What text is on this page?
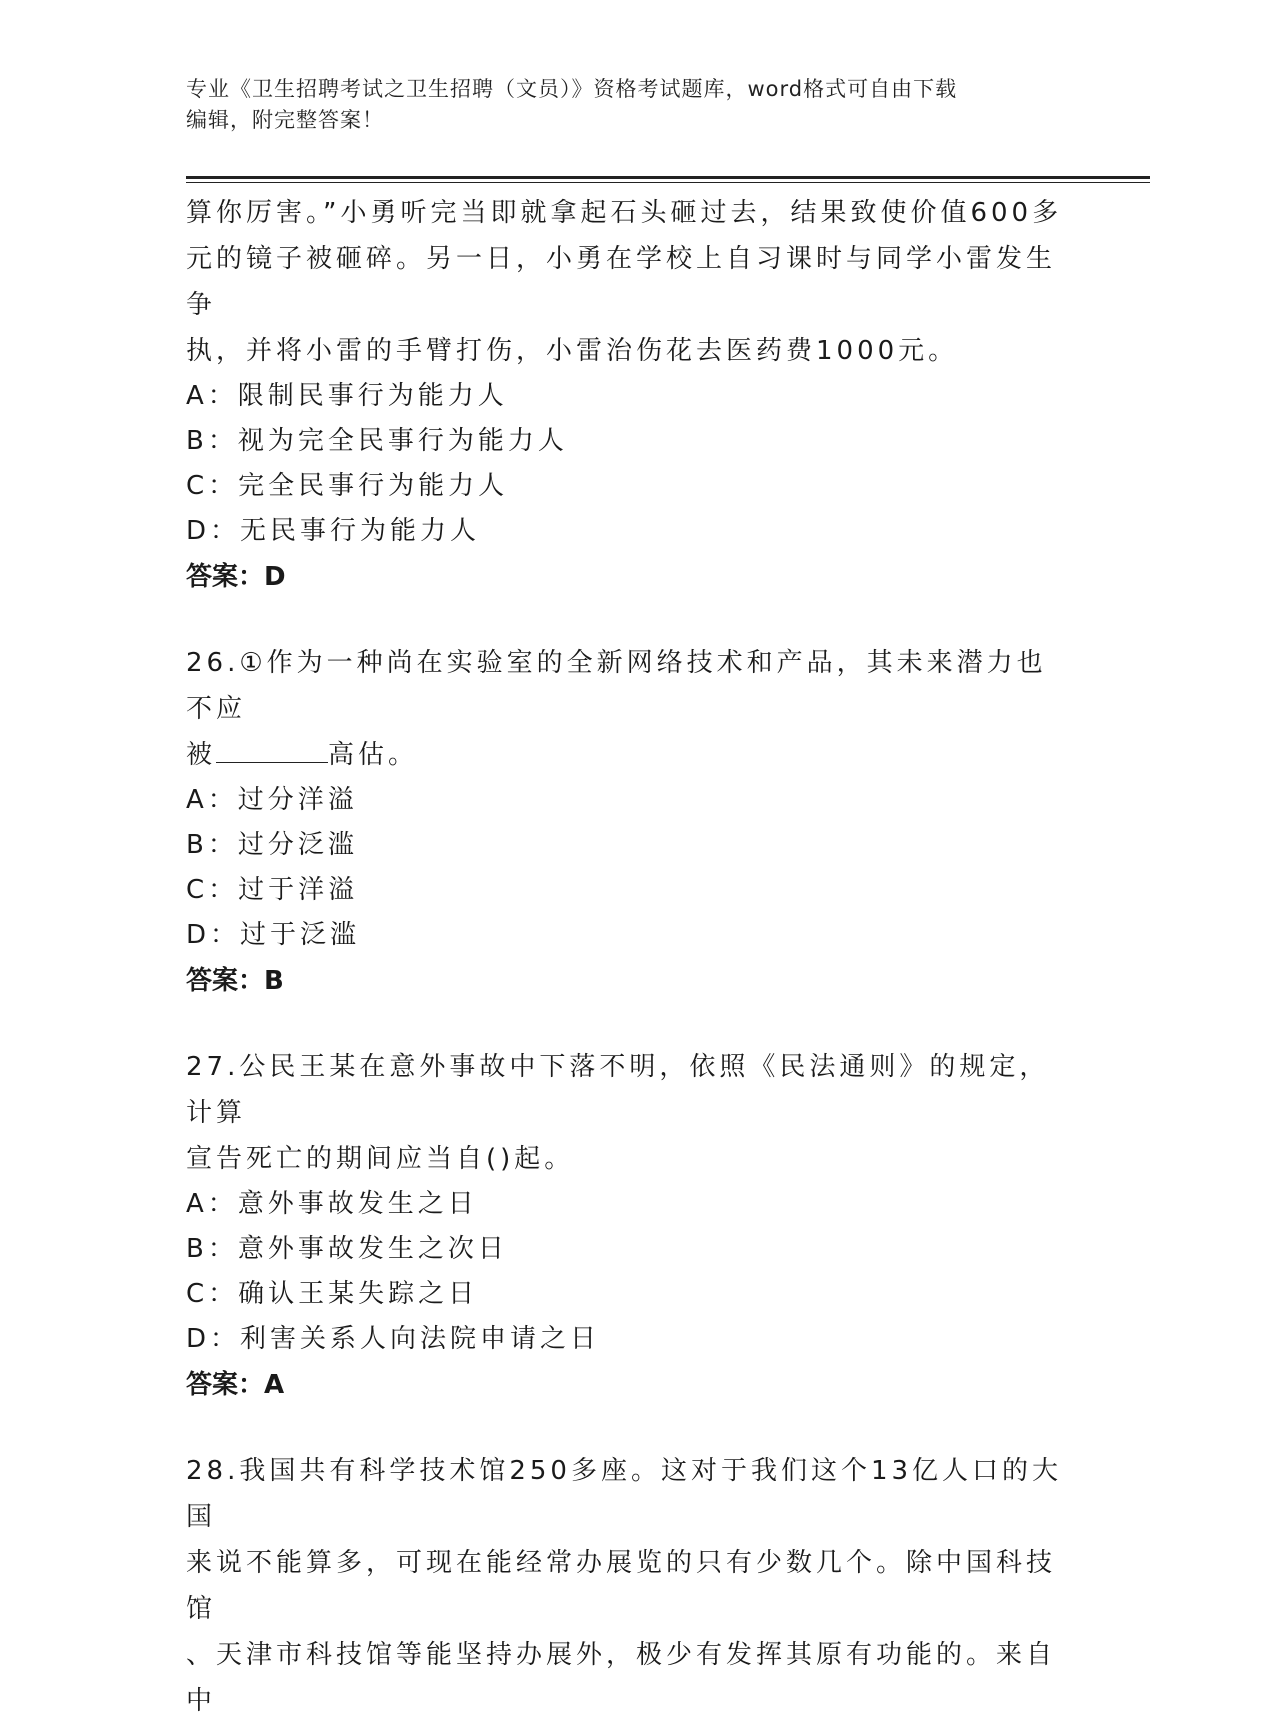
专业《卫生招聘考试之卫生招聘（文员）》资格考试题库，word格式可自由下载
编辑，附完整答案！

算你厉害。”小勇听完当即就拿起石头砸过去，结果致使价值600多

元的镜子被砸碎。另一日，小勇在学校上自习课时与同学小雷发生争

执，并将小雷的手臂打伤，小雷治伤花去医药费1000元。

A：限制民事行为能力人

B：视为完全民事行为能力人

C：完全民事行为能力人

D：无民事行为能力人

答案：D

26.①作为一种尚在实验室的全新网络技术和产品，其未来潜力也不应

被	高估。

A：过分洋溢

B：过分泛滥

C：过于洋溢

D：过于泛滥

答案：B

27.公民王某在意外事故中下落不明，依照《民法通则》的规定，计算

宣告死亡的期间应当自()起。

A：意外事故发生之日

B：意外事故发生之次日

C：确认王某失踪之日

D：利害关系人向法院申请之日

答案：A

28.我国共有科学技术馆250多座。这对于我们这个13亿人口的大国

来说不能算多，可现在能经常办展览的只有少数几个。除中国科技馆

、天津市科技馆等能坚持办展外，极少有发挥其原有功能的。来自中
